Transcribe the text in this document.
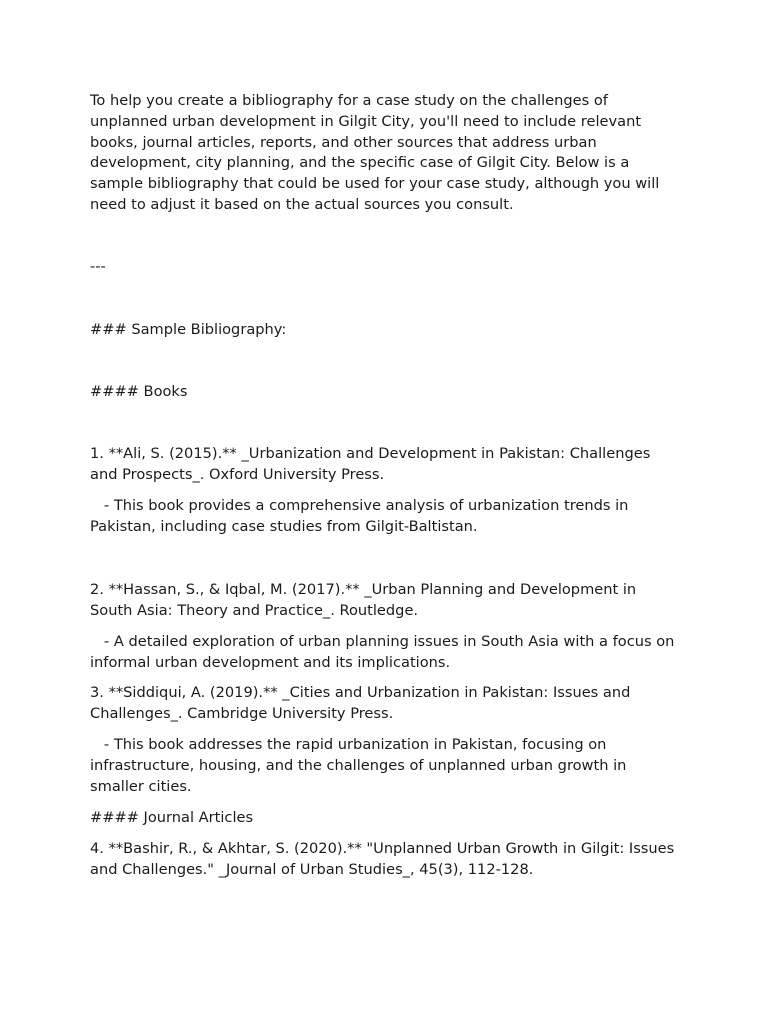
To help you create a bibliography for a case study on the challenges of unplanned urban development in Gilgit City, you'll need to include relevant books, journal articles, reports, and other sources that address urban development, city planning, and the specific case of Gilgit City. Below is a sample bibliography that could be used for your case study, although you will need to adjust it based on the actual sources you consult.

---

### Sample Bibliography:

#### Books

1. **Ali, S. (2015).** _Urbanization and Development in Pakistan: Challenges and Prospects_. Oxford University Press.

- This book provides a comprehensive analysis of urbanization trends in Pakistan, including case studies from Gilgit-Baltistan.

2. **Hassan, S., & Iqbal, M. (2017).** _Urban Planning and Development in South Asia: Theory and Practice_. Routledge.

- A detailed exploration of urban planning issues in South Asia with a focus on informal urban development and its implications.

3. **Siddiqui, A. (2019).** _Cities and Urbanization in Pakistan: Issues and Challenges_. Cambridge University Press.

- This book addresses the rapid urbanization in Pakistan, focusing on infrastructure, housing, and the challenges of unplanned urban growth in smaller cities.

#### Journal Articles

4. **Bashir, R., & Akhtar, S. (2020).** "Unplanned Urban Growth in Gilgit: Issues and Challenges." _Journal of Urban Studies_, 45(3), 112-128.
